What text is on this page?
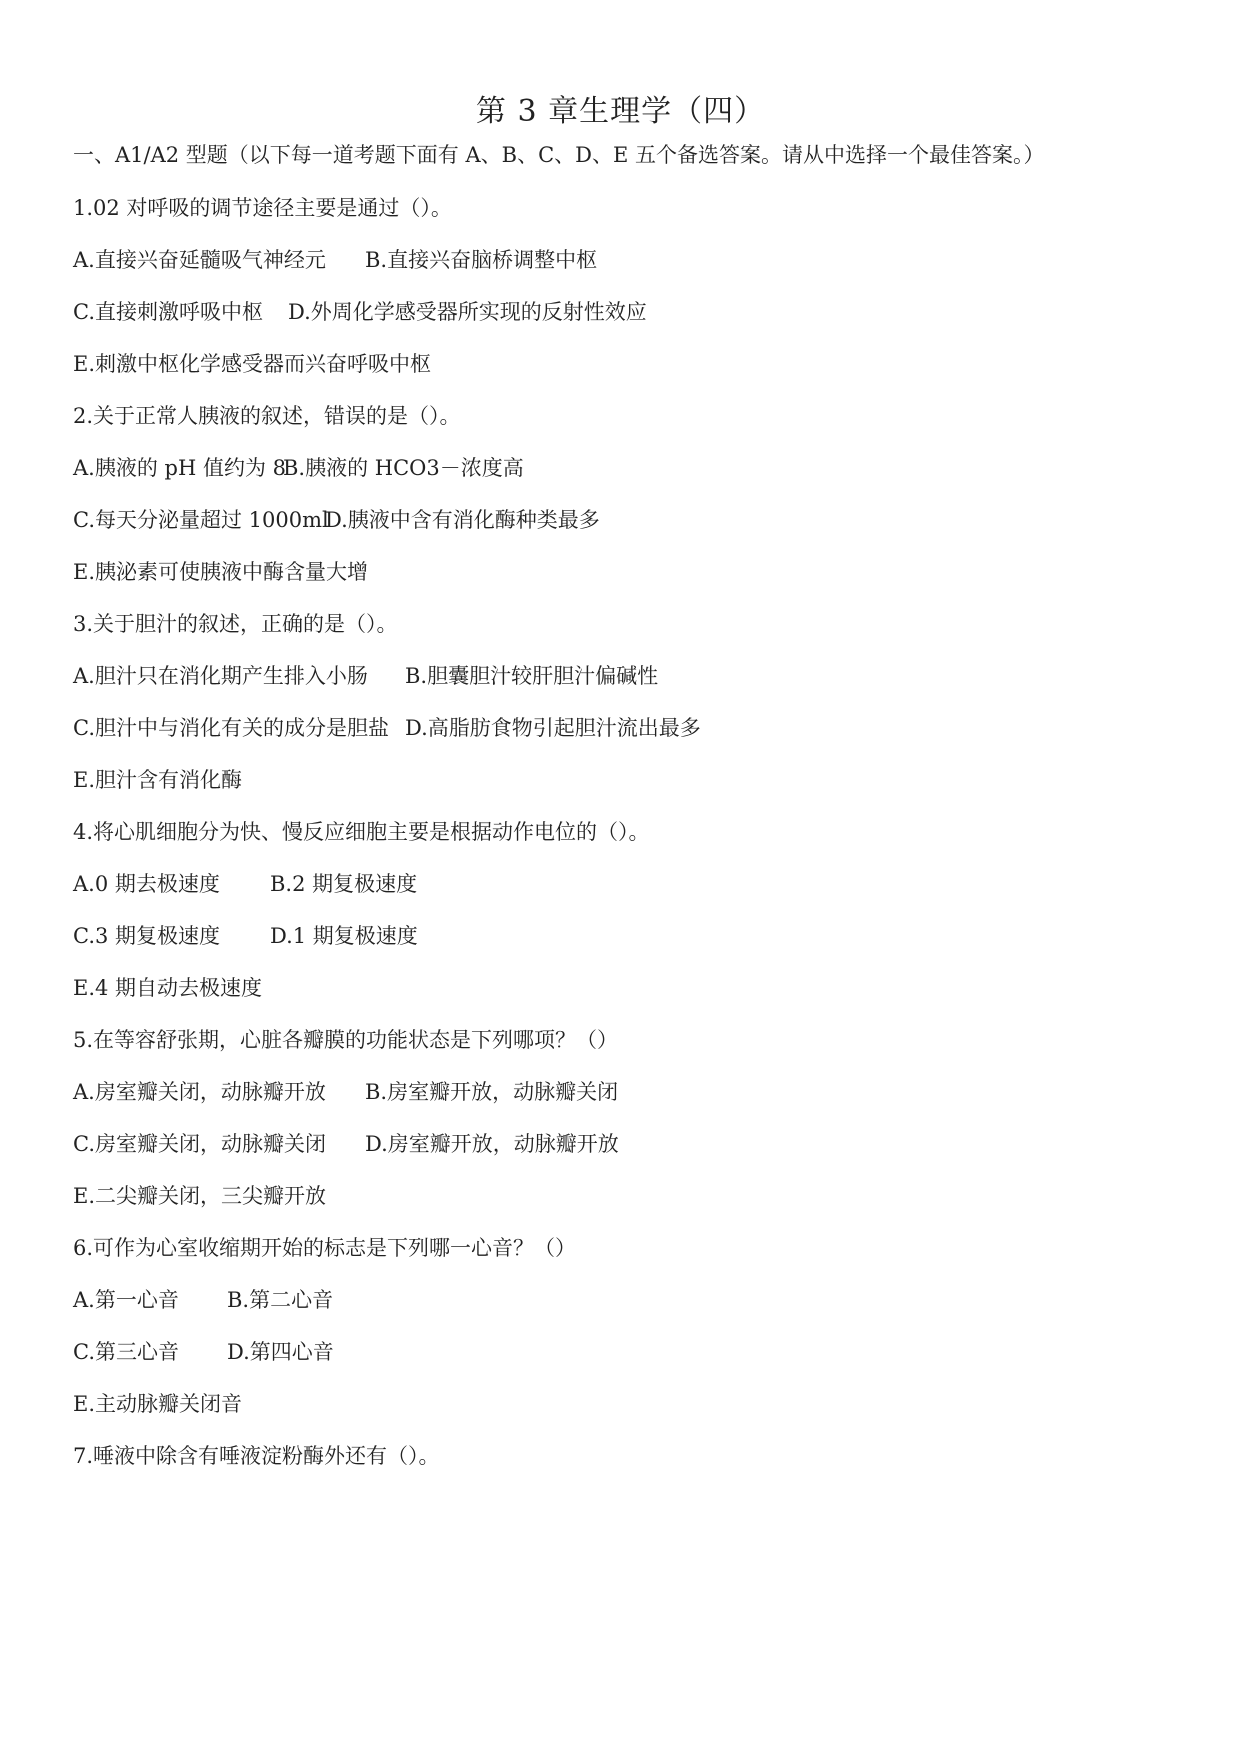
第 3 章生理学（四）
一、A1/A2 型题（以下每一道考题下面有 A、B、C、D、E 五个备选答案。请从中选择一个最佳答案。）
1.02 对呼吸的调节途径主要是通过（）。
A.直接兴奋延髓吸气神经元 B.直接兴奋脑桥调整中枢
C.直接刺激呼吸中枢 D.外周化学感受器所实现的反射性效应
E.刺激中枢化学感受器而兴奋呼吸中枢
2.关于正常人胰液的叙述，错误的是（）。
A.胰液的 pH 值约为 8B.胰液的 HCO3－浓度高
C.每天分泌量超过 1000mlD.胰液中含有消化酶种类最多
E.胰泌素可使胰液中酶含量大增
3.关于胆汁的叙述，正确的是（）。
A.胆汁只在消化期产生排入小肠 B.胆囊胆汁较肝胆汁偏碱性
C.胆汁中与消化有关的成分是胆盐 D.高脂肪食物引起胆汁流出最多
E.胆汁含有消化酶
4.将心肌细胞分为快、慢反应细胞主要是根据动作电位的（）。
A.0 期去极速度 B.2 期复极速度
C.3 期复极速度 D.1 期复极速度
E.4 期自动去极速度
5.在等容舒张期，心脏各瓣膜的功能状态是下列哪项？（）
A.房室瓣关闭，动脉瓣开放 B.房室瓣开放，动脉瓣关闭
C.房室瓣关闭，动脉瓣关闭 D.房室瓣开放，动脉瓣开放
E.二尖瓣关闭，三尖瓣开放
6.可作为心室收缩期开始的标志是下列哪一心音？（）
A.第一心音 B.第二心音
C.第三心音 D.第四心音
E.主动脉瓣关闭音
7.唾液中除含有唾液淀粉酶外还有（）。
